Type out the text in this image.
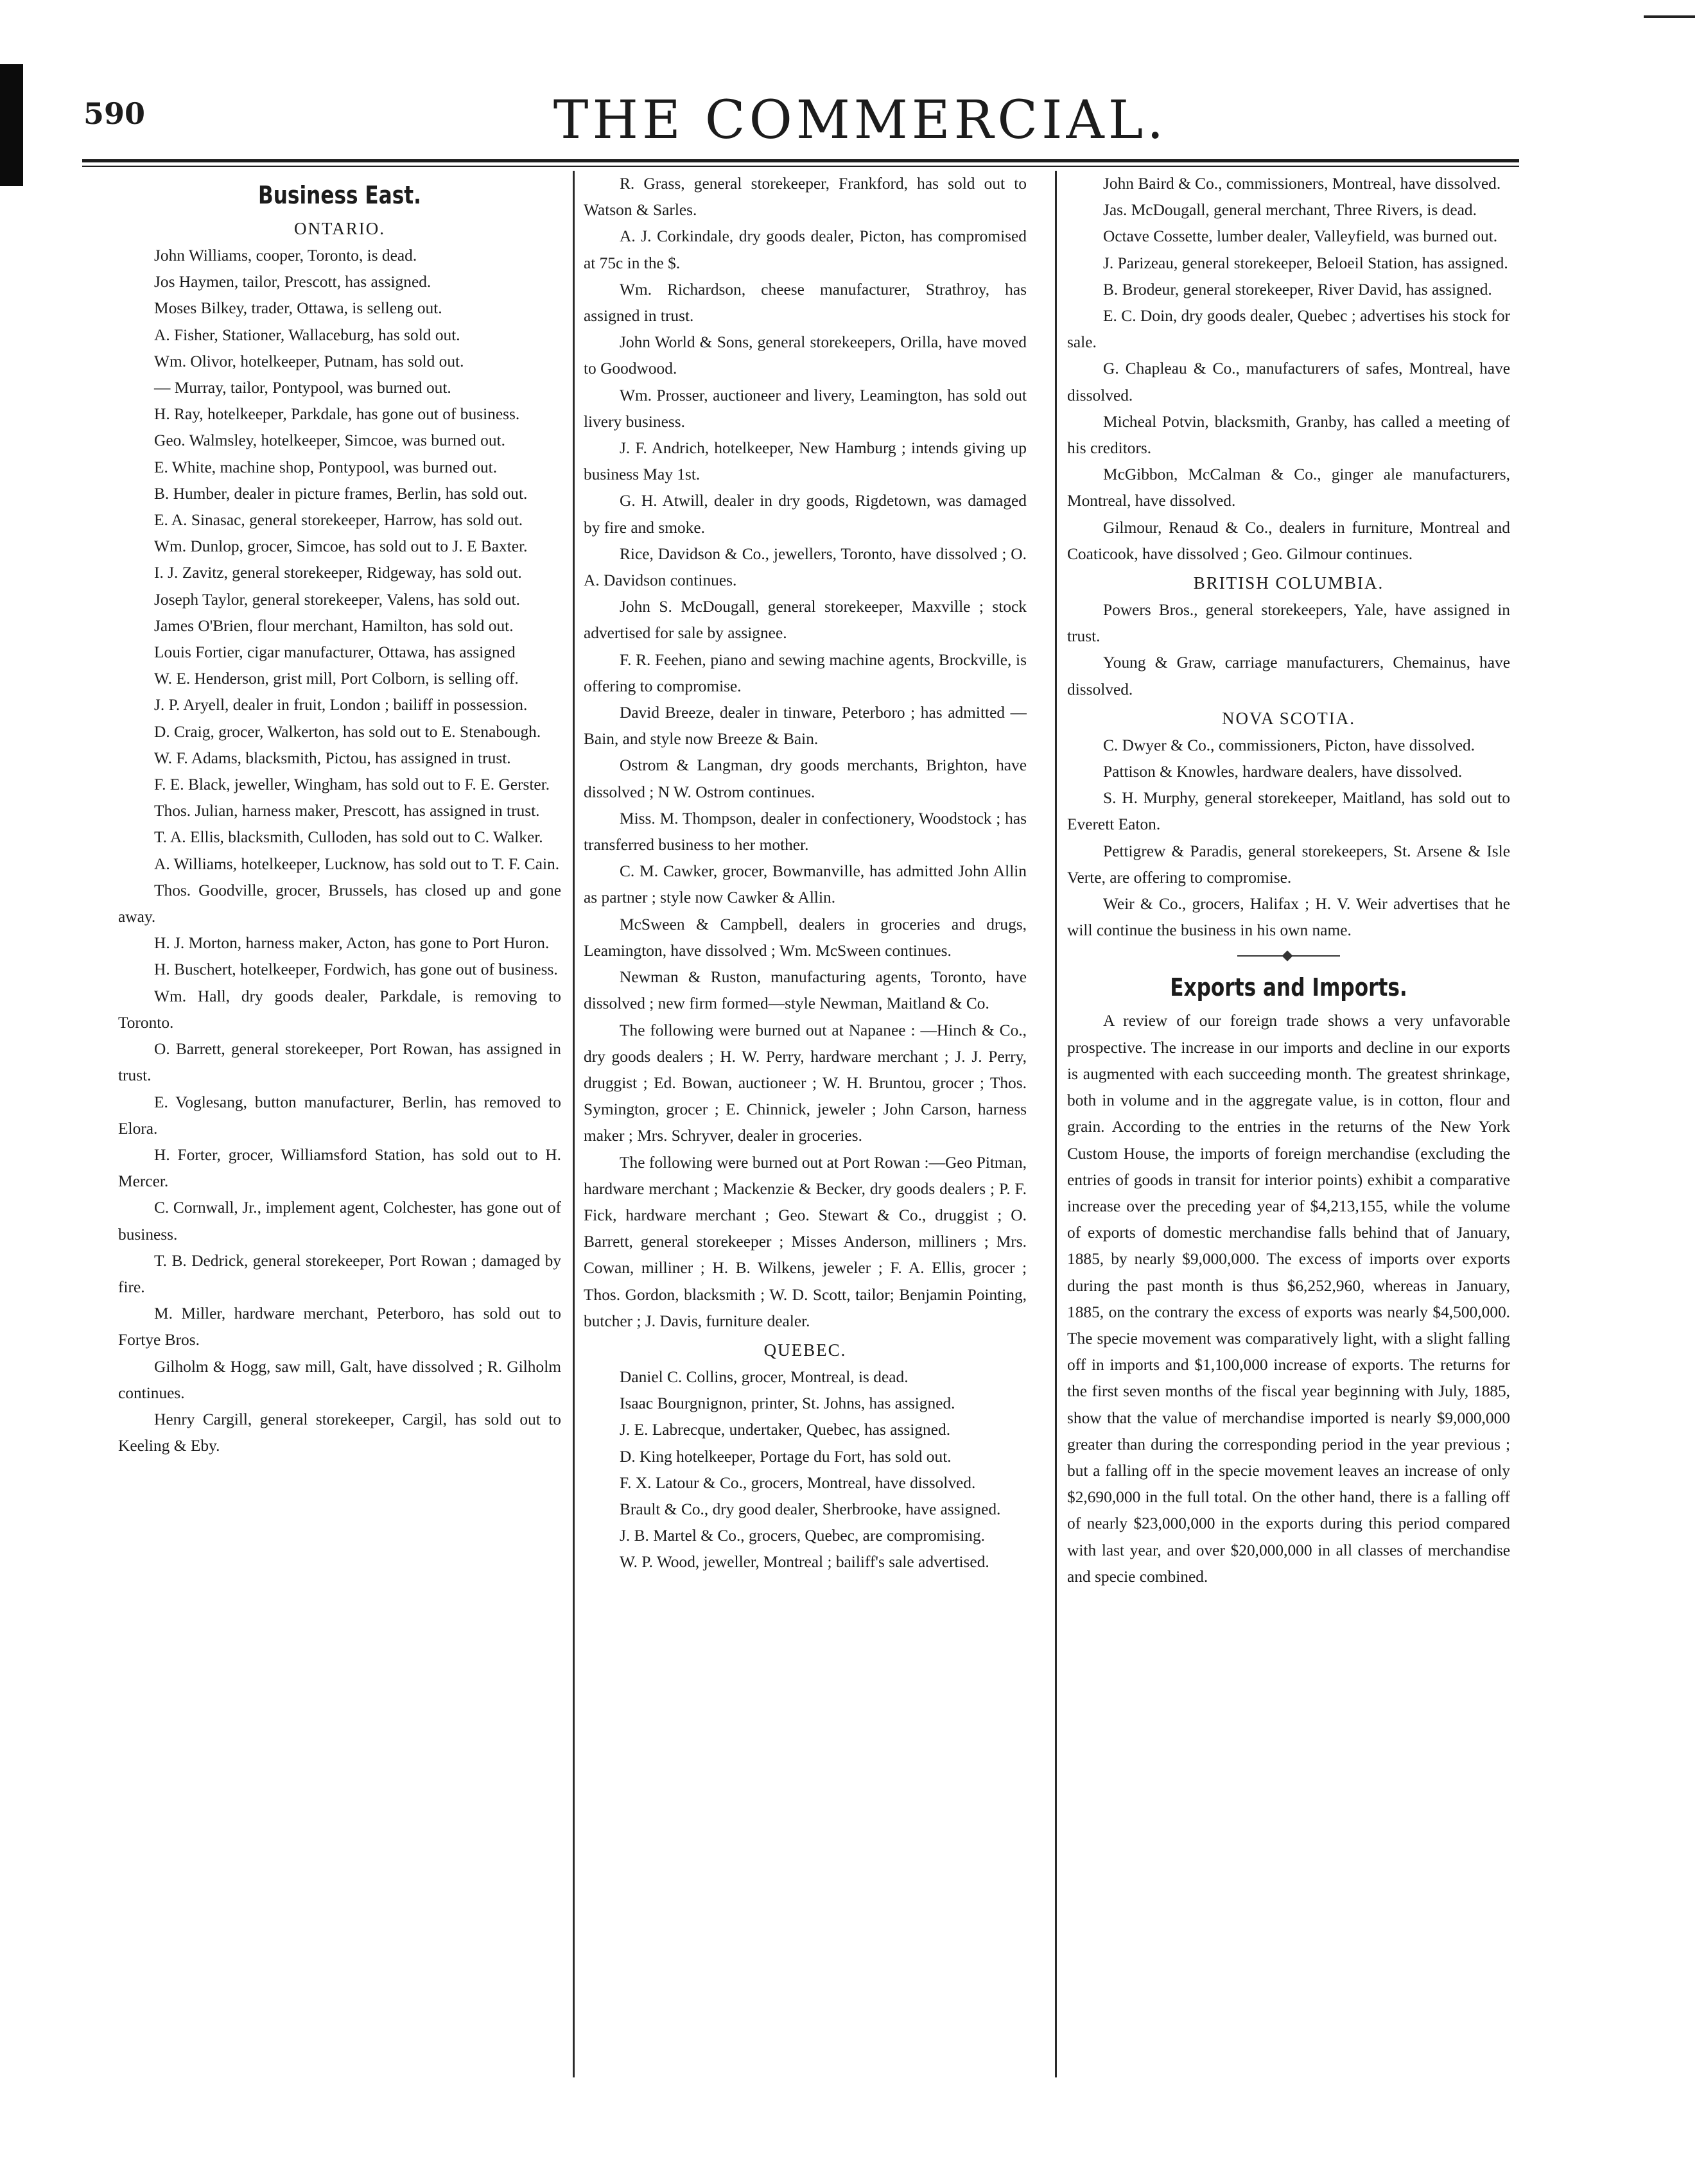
590	THE COMMERCIAL.
Business East.
ONTARIO.

John Williams, cooper, Toronto, is dead.

Jos Haymen, tailor, Prescott, has assigned.

Moses Bilkey, trader, Ottawa, is selleng out.

A. Fisher, Stationer, Wallaceburg, has sold out.

Wm. Olivor, hotelkeeper, Putnam, has sold out.

— Murray, tailor, Pontypool, was burned out.

H. Ray, hotelkeeper, Parkdale, has gone out of business.

Geo. Walmsley, hotelkeeper, Simcoe, was burned out.

E. White, machine shop, Pontypool, was burned out.

B. Humber, dealer in picture frames, Berlin, has sold out.

E. A. Sinasac, general storekeeper, Harrow, has sold out.

Wm. Dunlop, grocer, Simcoe, has sold out to J. E Baxter.

I. J. Zavitz, general storekeeper, Ridgeway, has sold out.

Joseph Taylor, general storekeeper, Valens, has sold out.

James O'Brien, flour merchant, Hamilton, has sold out.

Louis Fortier, cigar manufacturer, Ottawa, has assigned

W. E. Henderson, grist mill, Port Colborn, is selling off.

J. P. Aryell, dealer in fruit, London ; bailiff in possession.

D. Craig, grocer, Walkerton, has sold out to E. Stenabough.

W. F. Adams, blacksmith, Pictou, has assigned in trust.

F. E. Black, jeweller, Wingham, has sold out to F. E. Gerster.

Thos. Julian, harness maker, Prescott, has assigned in trust.

T. A. Ellis, blacksmith, Culloden, has sold out to C. Walker.

A. Williams, hotelkeeper, Lucknow, has sold out to T. F. Cain.

Thos. Goodville, grocer, Brussels, has closed up and gone away.

H. J. Morton, harness maker, Acton, has gone to Port Huron.

H. Buschert, hotelkeeper, Fordwich, has gone out of business.

Wm. Hall, dry goods dealer, Parkdale, is removing to Toronto.

O. Barrett, general storekeeper, Port Rowan, has assigned in trust.

E. Voglesang, button manufacturer, Berlin, has removed to Elora.

H. Forter, grocer, Williamsford Station, has sold out to H. Mercer.

C. Cornwall, Jr., implement agent, Colchester, has gone out of business.

T. B. Dedrick, general storekeeper, Port Rowan ; damaged by fire.

M. Miller, hardware merchant, Peterboro, has sold out to Fortye Bros.

Gilholm & Hogg, saw mill, Galt, have dissolved ; R. Gilholm continues.

Henry Cargill, general storekeeper, Cargil, has sold out to Keeling & Eby.

R. Grass, general storekeeper, Frankford, has sold out to Watson & Sarles.

A. J. Corkindale, dry goods dealer, Picton, has compromised at 75c in the $.

Wm. Richardson, cheese manufacturer, Strathroy, has assigned in trust.

John World & Sons, general storekeepers, Orilla, have moved to Goodwood.

Wm. Prosser, auctioneer and livery, Leamington, has sold out livery business.

J. F. Andrich, hotelkeeper, New Hamburg ; intends giving up business May 1st.

G. H. Atwill, dealer in dry goods, Rigdetown, was damaged by fire and smoke.

Rice, Davidson & Co., jewellers, Toronto, have dissolved ; O. A. Davidson continues.

John S. McDougall, general storekeeper, Maxville ; stock advertised for sale by assignee.

F. R. Feehen, piano and sewing machine agents, Brockville, is offering to compromise.

David Breeze, dealer in tinware, Peterboro ; has admitted — Bain, and style now Breeze & Bain.

Ostrom & Langman, dry goods merchants, Brighton, have dissolved ; N W. Ostrom continues.

Miss. M. Thompson, dealer in confectionery, Woodstock ; has transferred business to her mother.

C. M. Cawker, grocer, Bowmanville, has admitted John Allin as partner ; style now Cawker & Allin.

McSween & Campbell, dealers in groceries and drugs, Leamington, have dissolved ; Wm. McSween continues.

Newman & Ruston, manufacturing agents, Toronto, have dissolved ; new firm formed—style Newman, Maitland & Co.

The following were burned out at Napanee : —Hinch & Co., dry goods dealers ; H. W. Perry, hardware merchant ; J. J. Perry, druggist ; Ed. Bowan, auctioneer ; W. H. Bruntou, grocer ; Thos. Symington, grocer ; E. Chinnick, jeweler ; John Carson, harness maker ; Mrs. Schryver, dealer in groceries.

The following were burned out at Port Rowan :—Geo Pitman, hardware merchant ; Mackenzie & Becker, dry goods dealers ; P. F. Fick, hardware merchant ; Geo. Stewart & Co., druggist ; O. Barrett, general storekeeper ; Misses Anderson, milliners ; Mrs. Cowan, milliner ; H. B. Wilkens, jeweler ; F. A. Ellis, grocer ; Thos. Gordon, blacksmith ; W. D. Scott, tailor; Benjamin Pointing, butcher ; J. Davis, furniture dealer.

QUEBEC.

Daniel C. Collins, grocer, Montreal, is dead.

Isaac Bourgnignon, printer, St. Johns, has assigned.

J. E. Labrecque, undertaker, Quebec, has assigned.

D. King hotelkeeper, Portage du Fort, has sold out.

F. X. Latour & Co., grocers, Montreal, have dissolved.

Brault & Co., dry good dealer, Sherbrooke, have assigned.

J. B. Martel & Co., grocers, Quebec, are compromising.

W. P. Wood, jeweller, Montreal ; bailiff's sale advertised.

John Baird & Co., commissioners, Montreal, have dissolved.

Jas. McDougall, general merchant, Three Rivers, is dead.

Octave Cossette, lumber dealer, Valleyfield, was burned out.

J. Parizeau, general storekeeper, Beloeil Station, has assigned.

B. Brodeur, general storekeeper, River David, has assigned.

E. C. Doin, dry goods dealer, Quebec ; advertises his stock for sale.

G. Chapleau & Co., manufacturers of safes, Montreal, have dissolved.

Micheal Potvin, blacksmith, Granby, has called a meeting of his creditors.

McGibbon, McCalman & Co., ginger ale manufacturers, Montreal, have dissolved.

Gilmour, Renaud & Co., dealers in furniture, Montreal and Coaticook, have dissolved ; Geo. Gilmour continues.

BRITISH COLUMBIA.

Powers Bros., general storekeepers, Yale, have assigned in trust.

Young & Graw, carriage manufacturers, Chemainus, have dissolved.

NOVA SCOTIA.

C. Dwyer & Co., commissioners, Picton, have dissolved.

Pattison & Knowles, hardware dealers, have dissolved.

S. H. Murphy, general storekeeper, Maitland, has sold out to Everett Eaton.

Pettigrew & Paradis, general storekeepers, St. Arsene & Isle Verte, are offering to compromise.

Weir & Co., grocers, Halifax ; H. V. Weir advertises that he will continue the business in his own name.

Exports and Imports.

A review of our foreign trade shows a very unfavorable prospective. The increase in our imports and decline in our exports is augmented with each succeeding month. The greatest shrinkage, both in volume and in the aggregate value, is in cotton, flour and grain. According to the entries in the returns of the New York Custom House, the imports of foreign merchandise (excluding the entries of goods in transit for interior points) exhibit a comparative increase over the preceding year of $4,213,155, while the volume of exports of domestic merchandise falls behind that of January, 1885, by nearly $9,000,000. The excess of imports over exports during the past month is thus $6,252,960, whereas in January, 1885, on the contrary the excess of exports was nearly $4,500,000. The specie movement was comparatively light, with a slight falling off in imports and $1,100,000 increase of exports. The returns for the first seven months of the fiscal year beginning with July, 1885, show that the value of merchandise imported is nearly $9,000,000 greater than during the corresponding period in the year previous ; but a falling off in the specie movement leaves an increase of only $2,690,000 in the full total. On the other hand, there is a falling off of nearly $23,000,000 in the exports during this period compared with last year, and over $20,000,000 in all classes of merchandise and specie combined.
